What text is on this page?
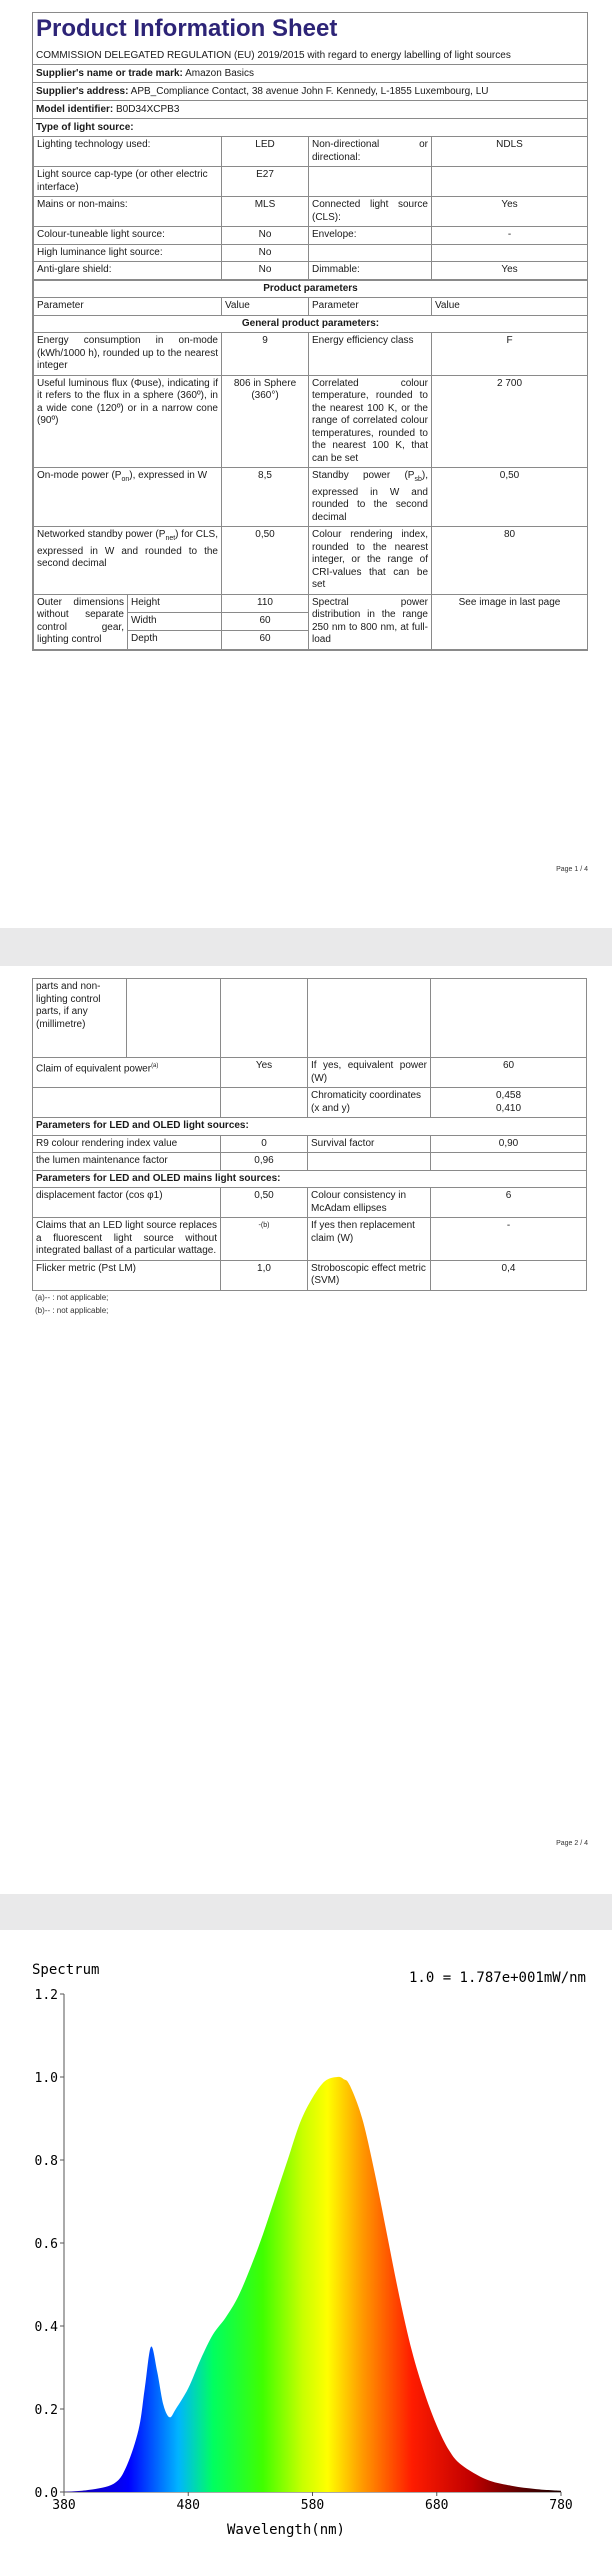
Product Information Sheet
COMMISSION DELEGATED REGULATION (EU) 2019/2015 with regard to energy labelling of light sources
Supplier's name or trade mark: Amazon Basics
Supplier's address: APB_Compliance Contact, 38 avenue John F. Kennedy, L-1855 Luxembourg, LU
Model identifier: B0D34XCPB3
Type of light source:
Lighting technology used:	LED	Non-directional or directional:	NDLS
Light source cap-type (or other electric interface)	E27		
Mains or non-mains:	MLS	Connected light source (CLS):	Yes
Colour-tuneable light source:	No	Envelope:	-
High luminance light source:	No		
Anti-glare shield:	No	Dimmable:	Yes
Product parameters				
Parameter		Value	Parameter	Value
General product parameters:				
Energy consumption in on-mode (kWh/1000 h), rounded up to the nearest integer		9	Energy efficiency class	F
Useful luminous flux (Φuse), indicating if it refers to the flux in a sphere (360º), in a wide cone (120º) or in a narrow cone (90º)		806 in Sphere (360°)	Correlated colour temperature, rounded to the nearest 100 K, or the range of correlated colour temperatures, rounded to the nearest 100 K, that can be set	2 700
On-mode power $(P_{on})$, expressed in W		8,5	Standby power $(P_{sb})$, expressed in W and rounded to the second decimal	0,50
Networked standby power $(P_{net})$ for CLS, expressed in W and rounded to the second decimal		0,50	Colour rendering index, rounded to the nearest integer, or the range of CRI-values that can be set	80
Outer dimensions without separate control gear, lighting control	Height	110	Spectral power distribution in the range 250 nm to 800 nm, at full-load	See image in last page
	Width	60		
	Depth	60		
Page 1 / 4
parts and non-lighting control parts, if any (millimetre)				
Claim of equivalent power$^{(a)}$		Yes	If yes, equivalent power (W)	60
			Chromaticity coordinates (x and y)	0,458
0,410

Parameters for LED and OLED light sources:				
R9 colour rendering index value		0	Survival factor	0,90
the lumen maintenance factor		0,96		
Parameters for LED and OLED mains light sources:				
displacement factor (cos φ1)		0,50	Colour consistency in McAdam ellipses	6
Claims that an LED light source replaces a fluorescent light source without integrated ballast of a particular wattage.		-(b)	If yes then replacement claim (W)	-
Flicker metric (Pst LM)		1,0	Stroboscopic effect metric (SVM)	0,4
(a)-‐ : not applicable;
(b)-‐ : not applicable;
Page 2 / 4
0.0
0.2
0.4
0.6
0.8
1.0
1.2
380	480	580	680	780
Spectrum	1.0 = 1.787e+001mW/nm
Wavelength(nm)
